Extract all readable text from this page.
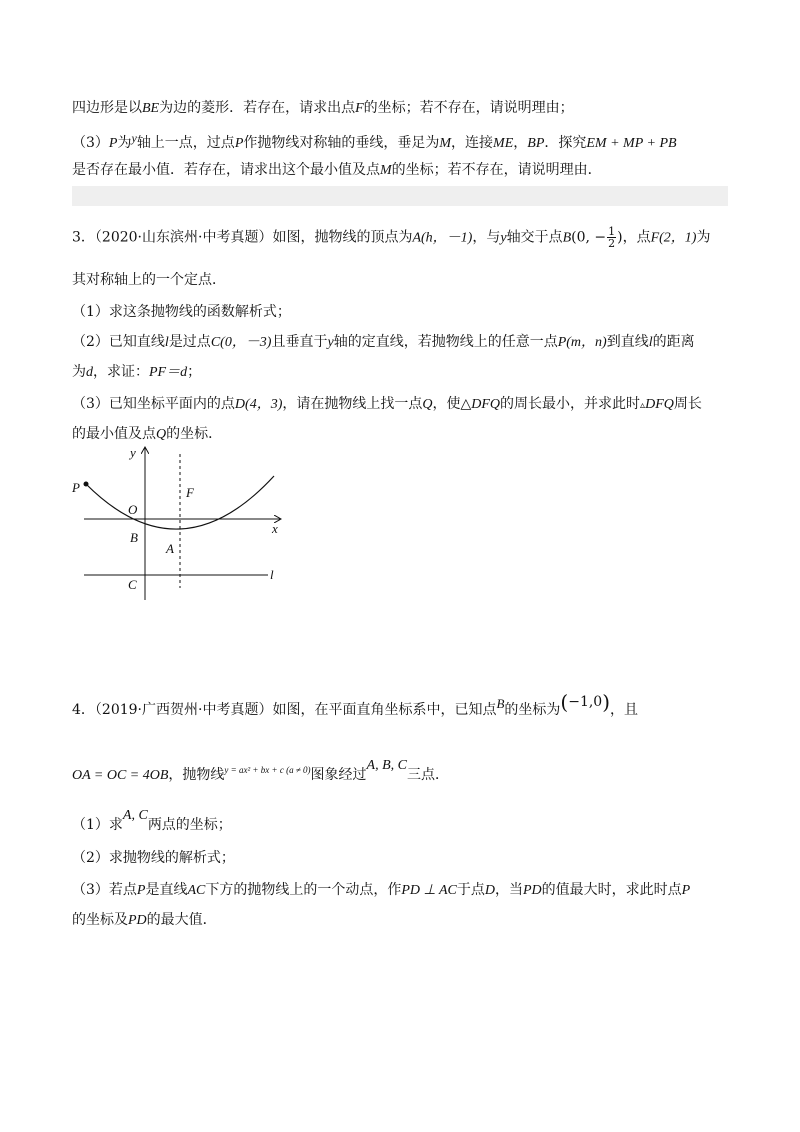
四边形是以BE为边的菱形．若存在，请求出点F的坐标；若不存在，请说明理由；
（3）P为y轴上一点，过点P作抛物线对称轴的垂线，垂足为M，连接ME，BP．探究EM + MP + PB
是否存在最小值．若存在，请求出这个最小值及点M的坐标；若不存在，请说明理由．
3．（2020·山东滨州·中考真题）如图，抛物线的顶点为A(h，－1)，与y轴交于点B(0, − $\frac{1}{2}$ )，点F(2，1)为
其对称轴上的一个定点．
（1）求这条抛物线的函数解析式；
（2）已知直线l是过点C(0，－3)且垂直于y轴的定直线，若抛物线上的任意一点P(m，n)到直线l的距离
为d，求证：PF＝d；
（3）已知坐标平面内的点D(4，3)，请在抛物线上找一点Q，使△DFQ的周长最小，并求此时▵DFQ周长
的最小值及点Q的坐标．
y
x
P	F
O
B
A
C
l
4．（2019·广西贺州·中考真题）如图，在平面直角坐标系中，已知点B的坐标为(−1,0)，且
OA = OC = 4OB，抛物线$^{y = ax^2 + bx + c (a \ne 0)}$图象经过A, B, C三点．
（1）求A, C两点的坐标；
（2）求抛物线的解析式；
（3）若点P是直线AC下方的抛物线上的一个动点，作PD ⊥ AC于点D，当PD的值最大时，求此时点P
的坐标及PD的最大值．
